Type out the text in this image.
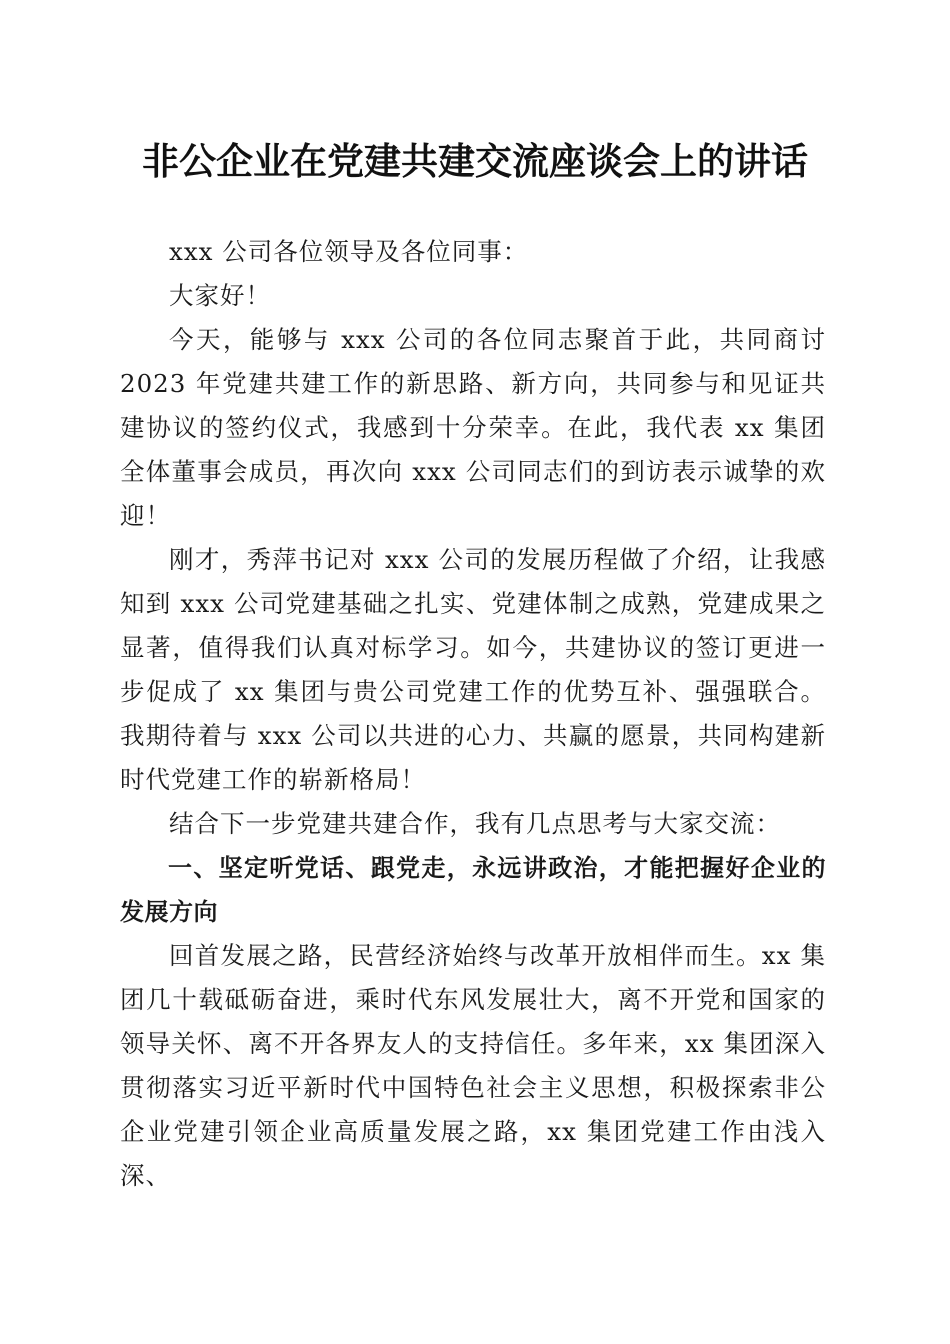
非公企业在党建共建交流座谈会上的讲话

xxx 公司各位领导及各位同事：

大家好！

今天，能够与 xxx 公司的各位同志聚首于此，共同商讨 2023 年党建共建工作的新思路、新方向，共同参与和见证共建协议的签约仪式，我感到十分荣幸。在此，我代表 xx 集团全体董事会成员，再次向 xxx 公司同志们的到访表示诚挚的欢迎！

刚才，秀萍书记对 xxx 公司的发展历程做了介绍，让我感知到 xxx 公司党建基础之扎实、党建体制之成熟，党建成果之显著，值得我们认真对标学习。如今，共建协议的签订更进一步促成了 xx 集团与贵公司党建工作的优势互补、强强联合。我期待着与 xxx 公司以共进的心力、共赢的愿景，共同构建新时代党建工作的崭新格局！

结合下一步党建共建合作，我有几点思考与大家交流：

一、坚定听党话、跟党走，永远讲政治，才能把握好企业的发展方向

回首发展之路，民营经济始终与改革开放相伴而生。xx 集团几十载砥砺奋进，乘时代东风发展壮大，离不开党和国家的领导关怀、离不开各界友人的支持信任。多年来，xx 集团深入贯彻落实习近平新时代中国特色社会主义思想，积极探索非公企业党建引领企业高质量发展之路，xx 集团党建工作由浅入深、
